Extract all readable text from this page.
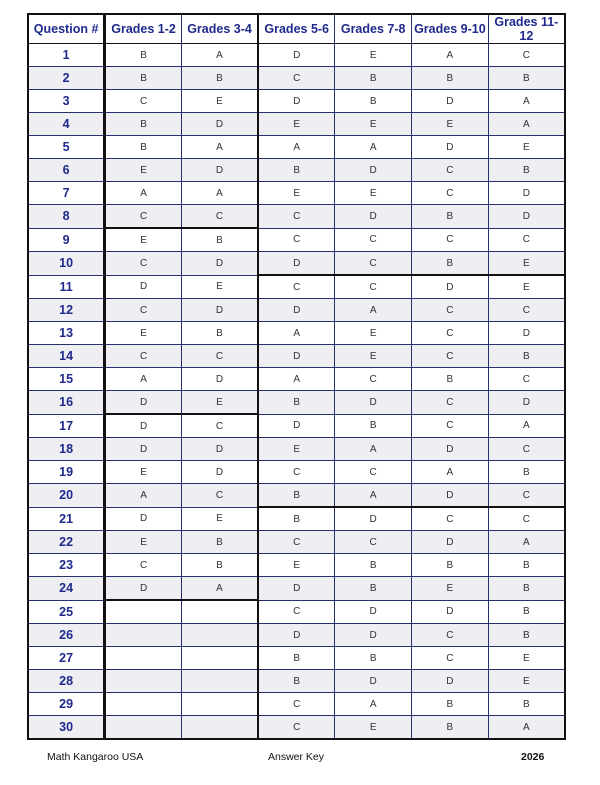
Question #	Grades 1-2	Grades 3-4	Grades 5-6	Grades 7-8	Grades 9-10	Grades 11-12
1	B	A	D	E	A	C
2	B	B	C	B	B	B
3	C	E	D	B	D	A
4	B	D	E	E	E	A
5	B	A	A	A	D	E
6	E	D	B	D	C	B
7	A	A	E	E	C	D
8	C	C	C	D	B	D
9	E	B	C	C	C	C
10	C	D	D	C	B	E
11	D	E	C	C	D	E
12	C	D	D	A	C	C
13	E	B	A	E	C	D
14	C	C	D	E	C	B
15	A	D	A	C	B	C
16	D	E	B	D	C	D
17	D	C	D	B	C	A
18	D	D	E	A	D	C
19	E	D	C	C	A	B
20	A	C	B	A	D	C
21	D	E	B	D	C	C
22	E	B	C	C	D	A
23	C	B	E	B	B	B
24	D	A	D	B	E	B
25			C	D	D	B
26			D	D	C	B
27			B	B	C	E
28			B	D	D	E
29			C	A	B	B
30			C	E	B	A
Math Kangaroo USA	Answer Key	2026
